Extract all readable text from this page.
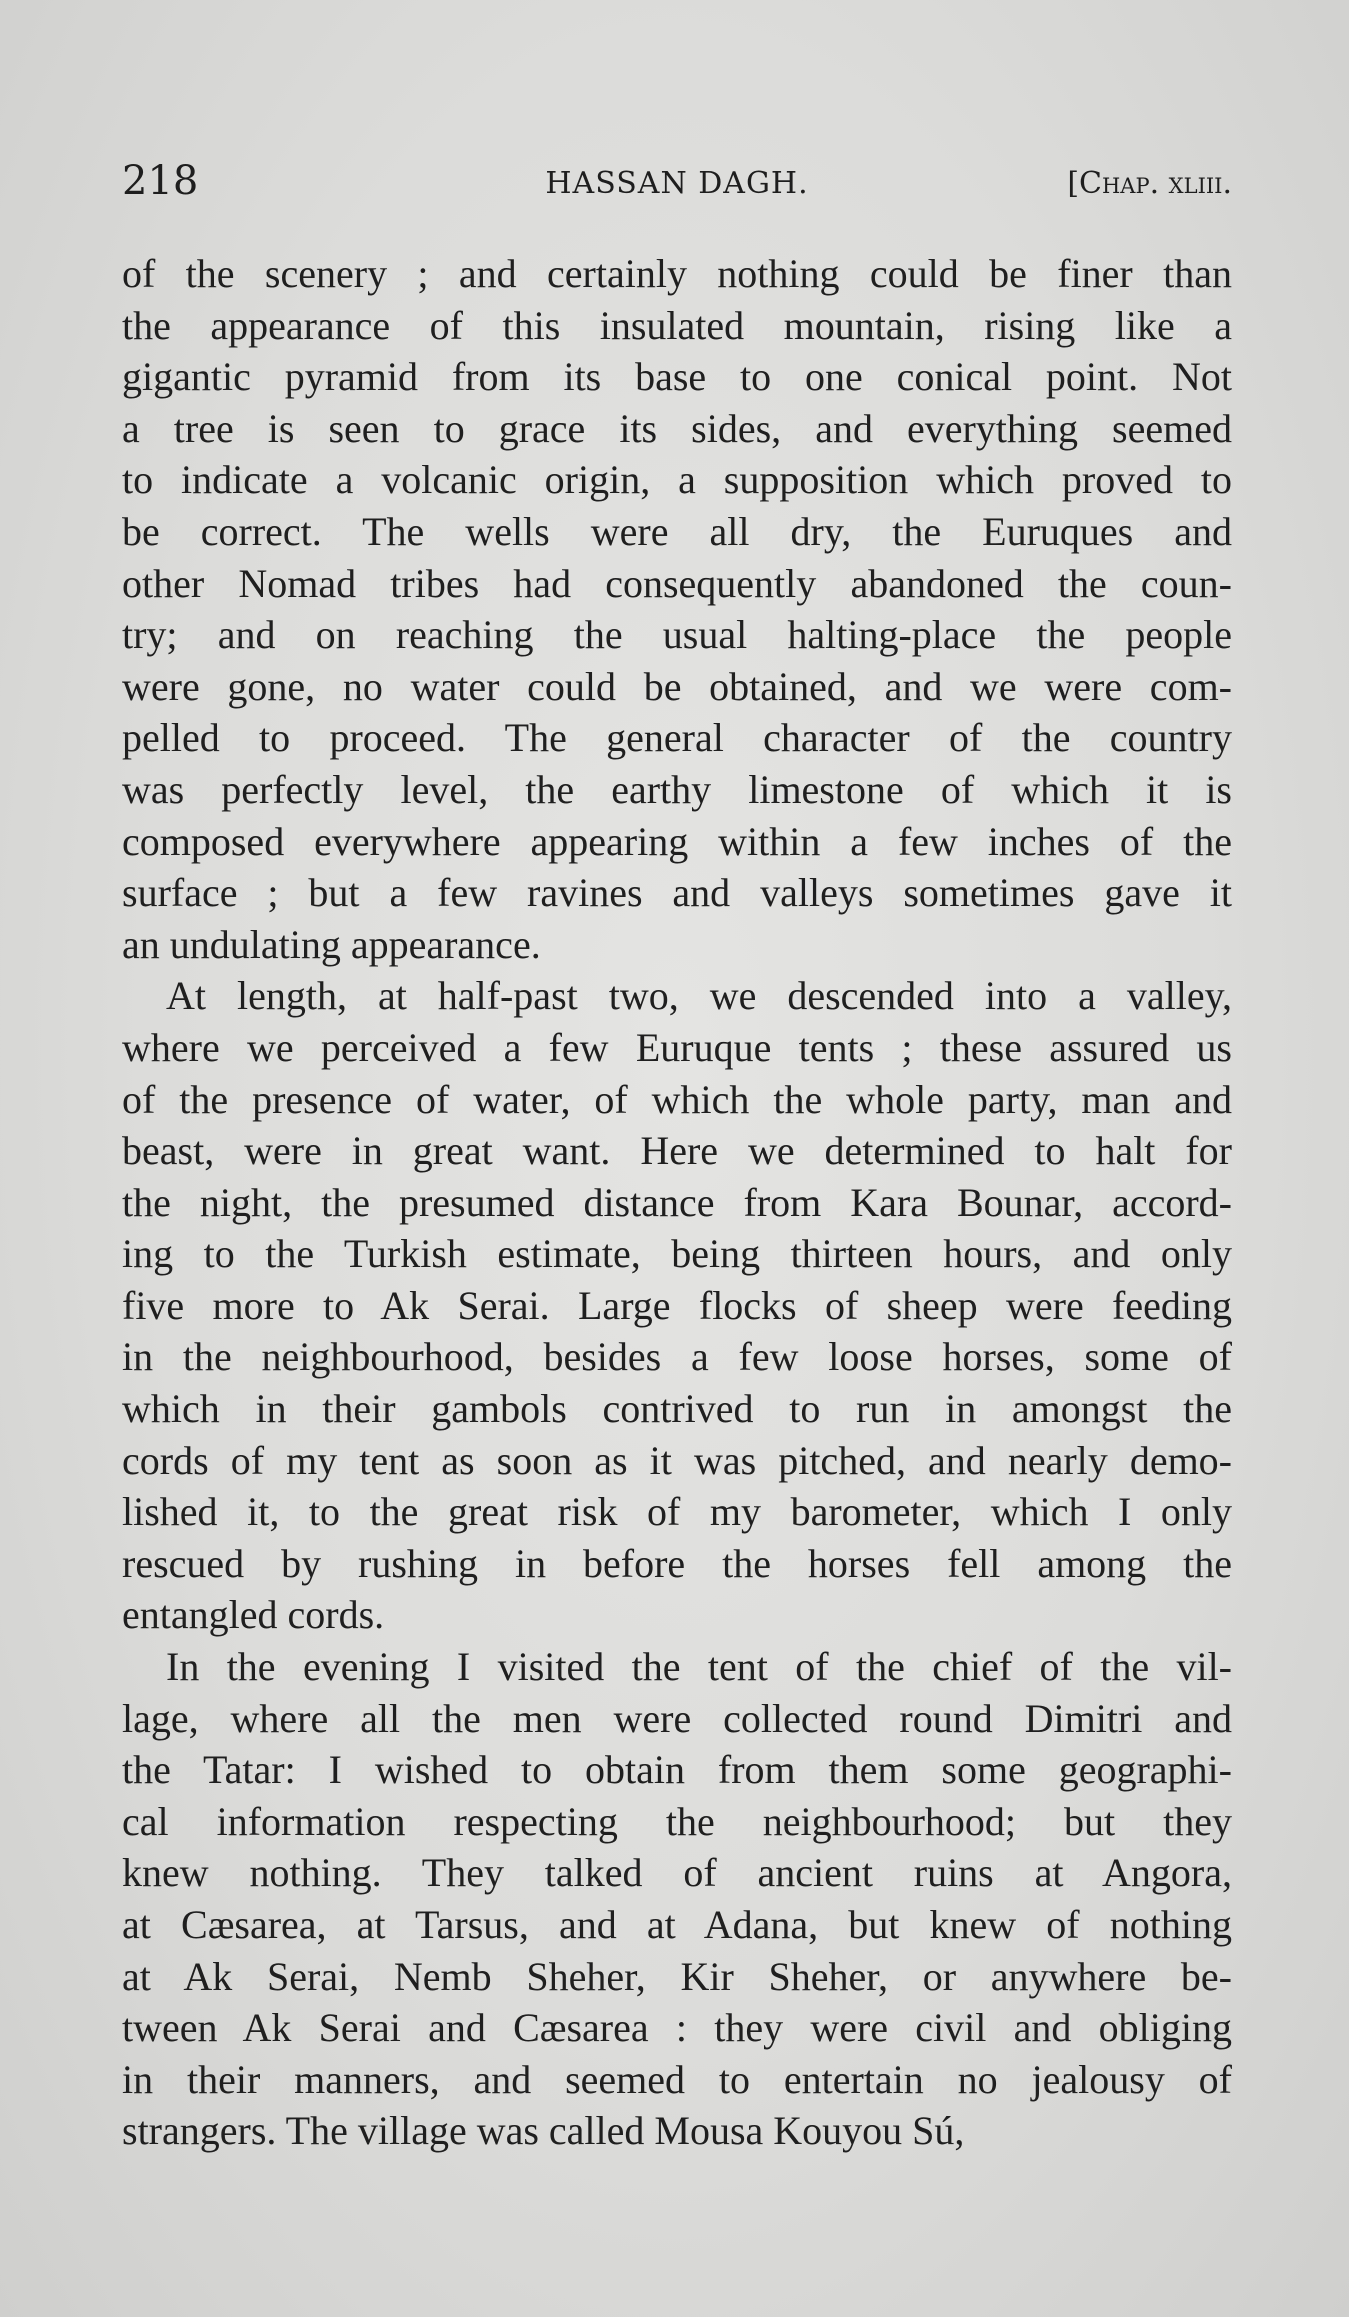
218	HASSAN DAGH.	[Chap. xliii.
of the scenery ; and certainly nothing could be finer than
the appearance of this insulated mountain, rising like a
gigantic pyramid from its base to one conical point. Not
a tree is seen to grace its sides, and everything seemed
to indicate a volcanic origin, a supposition which proved to
be correct. The wells were all dry, the Euruques and
other Nomad tribes had consequently abandoned the coun-
try; and on reaching the usual halting-place the people
were gone, no water could be obtained, and we were com-
pelled to proceed. The general character of the country
was perfectly level, the earthy limestone of which it is
composed everywhere appearing within a few inches of the
surface ; but a few ravines and valleys sometimes gave it
an undulating appearance.
At length, at half-past two, we descended into a valley,
where we perceived a few Euruque tents ; these assured us
of the presence of water, of which the whole party, man and
beast, were in great want. Here we determined to halt for
the night, the presumed distance from Kara Bounar, accord-
ing to the Turkish estimate, being thirteen hours, and only
five more to Ak Serai. Large flocks of sheep were feeding
in the neighbourhood, besides a few loose horses, some of
which in their gambols contrived to run in amongst the
cords of my tent as soon as it was pitched, and nearly demo-
lished it, to the great risk of my barometer, which I only
rescued by rushing in before the horses fell among the
entangled cords.
In the evening I visited the tent of the chief of the vil-
lage, where all the men were collected round Dimitri and
the Tatar: I wished to obtain from them some geographi-
cal information respecting the neighbourhood; but they
knew nothing. They talked of ancient ruins at Angora,
at Cæsarea, at Tarsus, and at Adana, but knew of nothing
at Ak Serai, Nemb Sheher, Kir Sheher, or anywhere be-
tween Ak Serai and Cæsarea : they were civil and obliging
in their manners, and seemed to entertain no jealousy of
strangers. The village was called Mousa Kouyou Sú,
